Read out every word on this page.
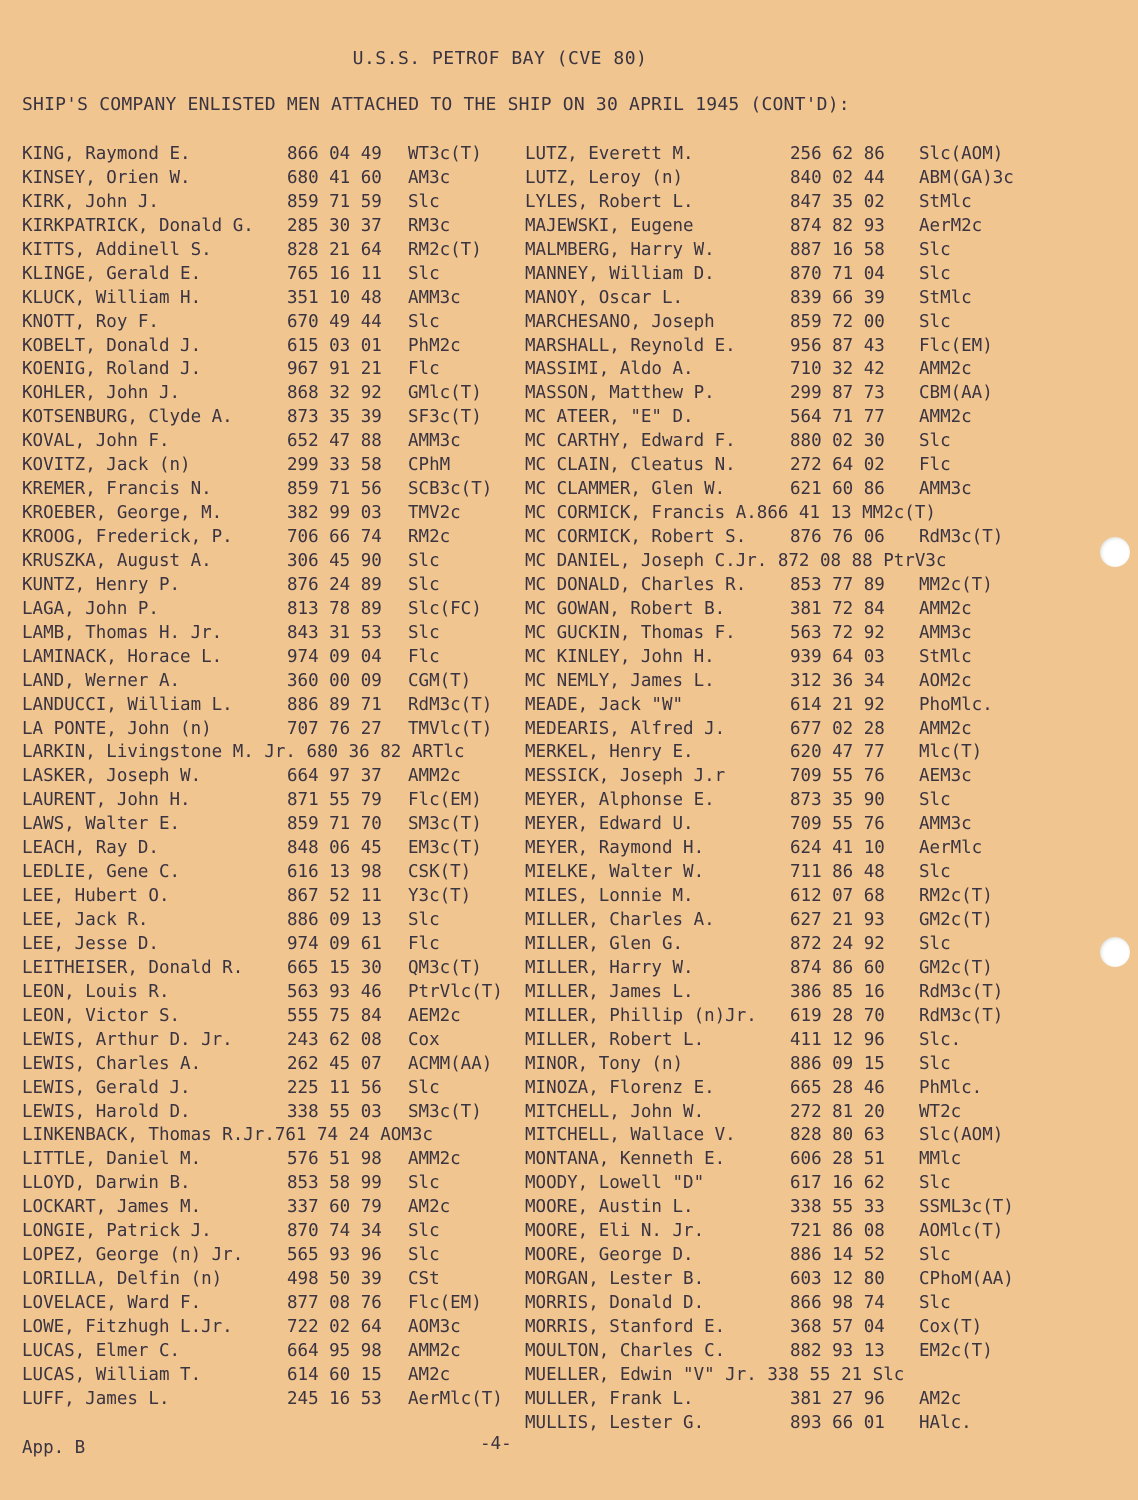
U.S.S. PETROF BAY (CVE 80)
SHIP'S COMPANY ENLISTED MEN ATTACHED TO THE SHIP ON 30 APRIL 1945 (CONT'D):
KING, Raymond E.	866 04 49 WT3c(T)
KINSEY, Orien W.	680 41 60 AM3c
KIRK, John J.	859 71 59 Slc
KIRKPATRICK, Donald G. 285 30 37 RM3c
KITTS, Addinell S.	828 21 64 RM2c(T)
KLINGE, Gerald E.	765 16 11 Slc
KLUCK, William H.	351 10 48 AMM3c
KNOTT, Roy F.	670 49 44 Slc
KOBELT, Donald J.	615 03 01 PhM2c
KOENIG, Roland J.	967 91 21 Flc
KOHLER, John J.	868 32 92 GMlc(T)
KOTSENBURG, Clyde A.	873 35 39 SF3c(T)
KOVAL, John F.	652 47 88 AMM3c
KOVITZ, Jack (n)	299 33 58 CPhM
KREMER, Francis N.	859 71 56 SCB3c(T)
KROEBER, George, M.	382 99 03 TMV2c
KROOG, Frederick, P.	706 66 74 RM2c
KRUSZKA, August A.	306 45 90 Slc
KUNTZ, Henry P.	876 24 89 Slc
LAGA, John P.	813 78 89 Slc(FC)
LAMB, Thomas H. Jr.	843 31 53 Slc
LAMINACK, Horace L.	974 09 04 Flc
LAND, Werner A.	360 00 09 CGM(T)
LANDUCCI, William L.	886 89 71 RdM3c(T)
LA PONTE, John (n)	707 76 27 TMVlc(T)
LARKIN, Livingstone M. Jr. 680 36 82 ARTlc
LASKER, Joseph W.	664 97 37 AMM2c
LAURENT, John H.	871 55 79 Flc(EM)
LAWS, Walter E.	859 71 70 SM3c(T)
LEACH, Ray D.	848 06 45 EM3c(T)
LEDLIE, Gene C.	616 13 98 CSK(T)
LEE, Hubert O.	867 52 11 Y3c(T)
LEE, Jack R.	886 09 13 Slc
LEE, Jesse D.	974 09 61 Flc
LEITHEISER, Donald R. 665 15 30 QM3c(T)
LEON, Louis R.	563 93 46 PtrVlc(T)
LEON, Victor S.	555 75 84 AEM2c
LEWIS, Arthur D. Jr.	243 62 08 Cox
LEWIS, Charles A.	262 45 07 ACMM(AA)
LEWIS, Gerald J.	225 11 56 Slc
LEWIS, Harold D.	338 55 03 SM3c(T)
LINKENBACK, Thomas R.Jr.761 74 24 AOM3c
LITTLE, Daniel M.	576 51 98 AMM2c
LLOYD, Darwin B.	853 58 99 Slc
LOCKART, James M.	337 60 79 AM2c
LONGIE, Patrick J.	870 74 34 Slc
LOPEZ, George (n) Jr. 565 93 96 Slc
LORILLA, Delfin (n)	498 50 39 CSt
LOVELACE, Ward F.	877 08 76 Flc(EM)
LOWE, Fitzhugh L.Jr.	722 02 64 AOM3c
LUCAS, Elmer C.	664 95 98 AMM2c
LUCAS, William T.	614 60 15 AM2c
LUFF, James L.	245 16 53 AerMlc(T)
LUTZ, Everett M.	256 62 86 Slc(AOM)
LUTZ, Leroy (n)	840 02 44 ABM(GA)3c
LYLES, Robert L.	847 35 02 StMlc
MAJEWSKI, Eugene	874 82 93 AerM2c
MALMBERG, Harry W.	887 16 58 Slc
MANNEY, William D.	870 71 04 Slc
MANOY, Oscar L.	839 66 39 StMlc
MARCHESANO, Joseph	859 72 00 Slc
MARSHALL, Reynold E.	956 87 43 Flc(EM)
MASSIMI, Aldo A.	710 32 42 AMM2c
MASSON, Matthew P.	299 87 73 CBM(AA)
MC ATEER, "E" D.	564 71 77 AMM2c
MC CARTHY, Edward F.	880 02 30 Slc
MC CLAIN, Cleatus N.	272 64 02 Flc
MC CLAMMER, Glen W.	621 60 86 AMM3c
MC CORMICK, Francis A.866 41 13 MM2c(T)
MC CORMICK, Robert S. 876 76 06 RdM3c(T)
MC DANIEL, Joseph C.Jr. 872 08 88 PtrV3c
MC DONALD, Charles R. 853 77 89 MM2c(T)
MC GOWAN, Robert B.	381 72 84 AMM2c
MC GUCKIN, Thomas F.	563 72 92 AMM3c
MC KINLEY, John H.	939 64 03 StMlc
MC NEMLY, James L.	312 36 34 AOM2c
MEADE, Jack "W"	614 21 92 PhoMlc.
MEDEARIS, Alfred J.	677 02 28 AMM2c
MERKEL, Henry E.	620 47 77 Mlc(T)
MESSICK, Joseph J.r	709 55 76 AEM3c
MEYER, Alphonse E.	873 35 90 Slc
MEYER, Edward U.	709 55 76 AMM3c
MEYER, Raymond H.	624 41 10 AerMlc
MIELKE, Walter W.	711 86 48 Slc
MILES, Lonnie M.	612 07 68 RM2c(T)
MILLER, Charles A.	627 21 93 GM2c(T)
MILLER, Glen G.	872 24 92 Slc
MILLER, Harry W.	874 86 60 GM2c(T)
MILLER, James L.	386 85 16 RdM3c(T)
MILLER, Phillip (n)Jr. 619 28 70 RdM3c(T)
MILLER, Robert L.	411 12 96 Slc.
MINOR, Tony (n)	886 09 15 Slc
MINOZA, Florenz E.	665 28 46 PhMlc.
MITCHELL, John W.	272 81 20 WT2c
MITCHELL, Wallace V.	828 80 63 Slc(AOM)
MONTANA, Kenneth E.	606 28 51 MMlc
MOODY, Lowell "D"	617 16 62 Slc
MOORE, Austin L.	338 55 33 SSML3c(T)
MOORE, Eli N. Jr.	721 86 08 AOMlc(T)
MOORE, George D.	886 14 52 Slc
MORGAN, Lester B.	603 12 80 CPhoM(AA)
MORRIS, Donald D.	866 98 74 Slc
MORRIS, Stanford E.	368 57 04 Cox(T)
MOULTON, Charles C.	882 93 13 EM2c(T)
MUELLER, Edwin "V" Jr. 338 55 21 Slc
MULLER, Frank L.	381 27 96 AM2c
MULLIS, Lester G.	893 66 01 HAlc.
App. B	-4-
